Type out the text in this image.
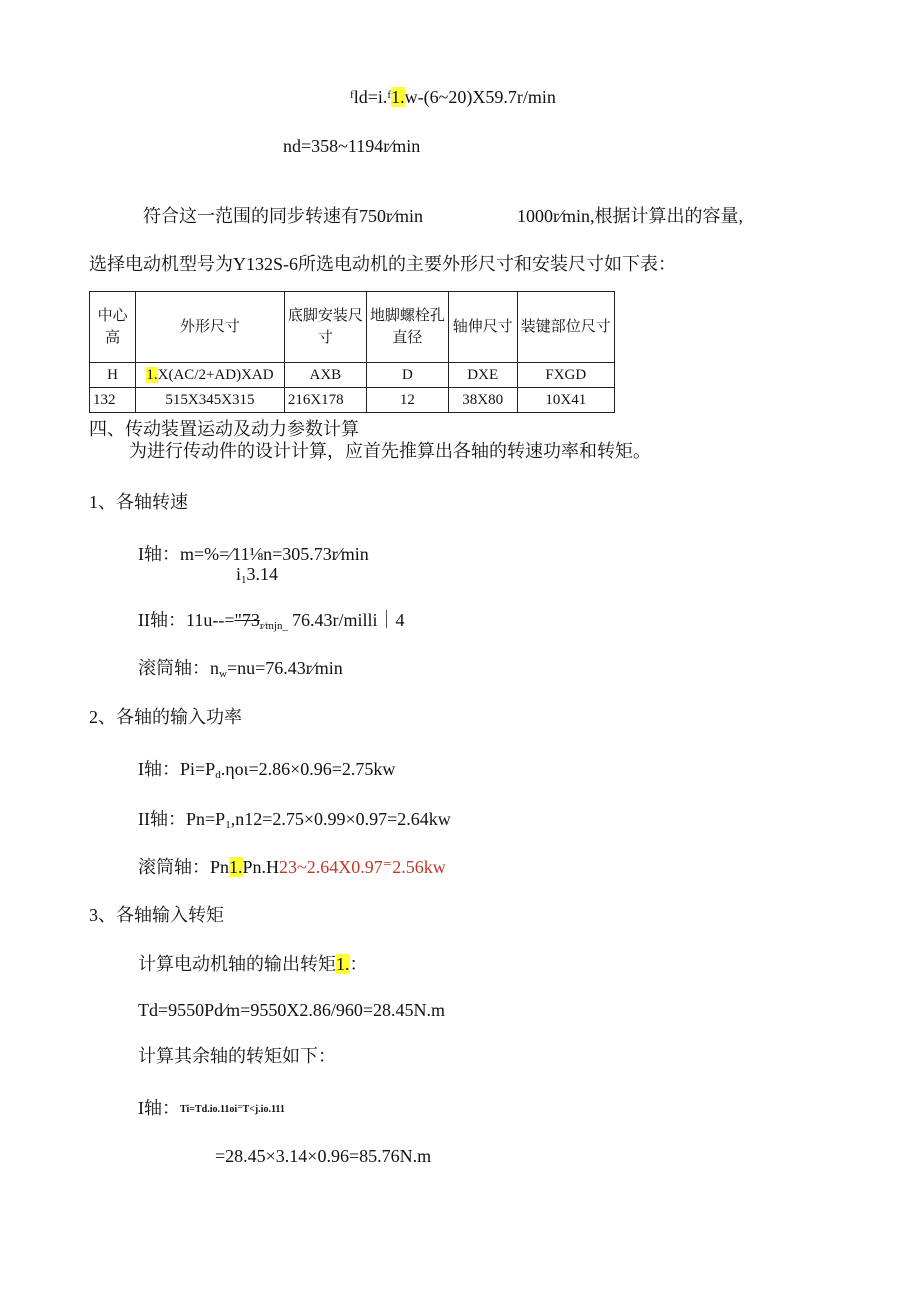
ᶠld=i.ᶠ1.w-(6~20)X59.7r/min
nd=358~1194r⁄min
符合这一范围的同步转速有750r⁄min	1000r⁄min,根据计算出的容量,
选择电动机型号为Y132S-6所选电动机的主要外形尺寸和安装尺寸如下表：
中心高	外形尺寸	底脚安装尺寸	地脚螺栓孔直径	轴伸尺寸	装键部位尺寸
H	1.X(AC/2+AD)XAD	AXB	D	DXE	FXGD
132	515X345X315	216X178	12	38X80	10X41
四、传动装置运动及动力参数计算
为进行传动件的设计计算，应首先推算出各轴的转速功率和转矩。
1、各轴转速
I轴：m=%=⁄11⅛n=305.73r⁄min
$i_13.14$
II轴：$11u--="73_{r⁄mjn\_}$ 76.43r/milli｜4
滚筒轴：$n_w=nu=76.43r⁄\min$
2、各轴的输入功率
I轴：$Pi=P_d.\eta o\iota=2.86\times 0.96=2.75kw$
II轴：$Pn=P_1,n12=2.75\times 0.99\times 0.97=2.64kw$
滚筒轴：Pn1.Pn.H23~2.64X0.97⁼2.56kw
3、各轴输入转矩
计算电动机轴的输出转矩1.：
Td=9550Pd⁄m=9550X2.86/960=28.45N.m
计算其余轴的转矩如下：
I轴：Ti=Td.io.11oi⁼T<j.io.111
=28.45×3.14×0.96=85.76N.m
